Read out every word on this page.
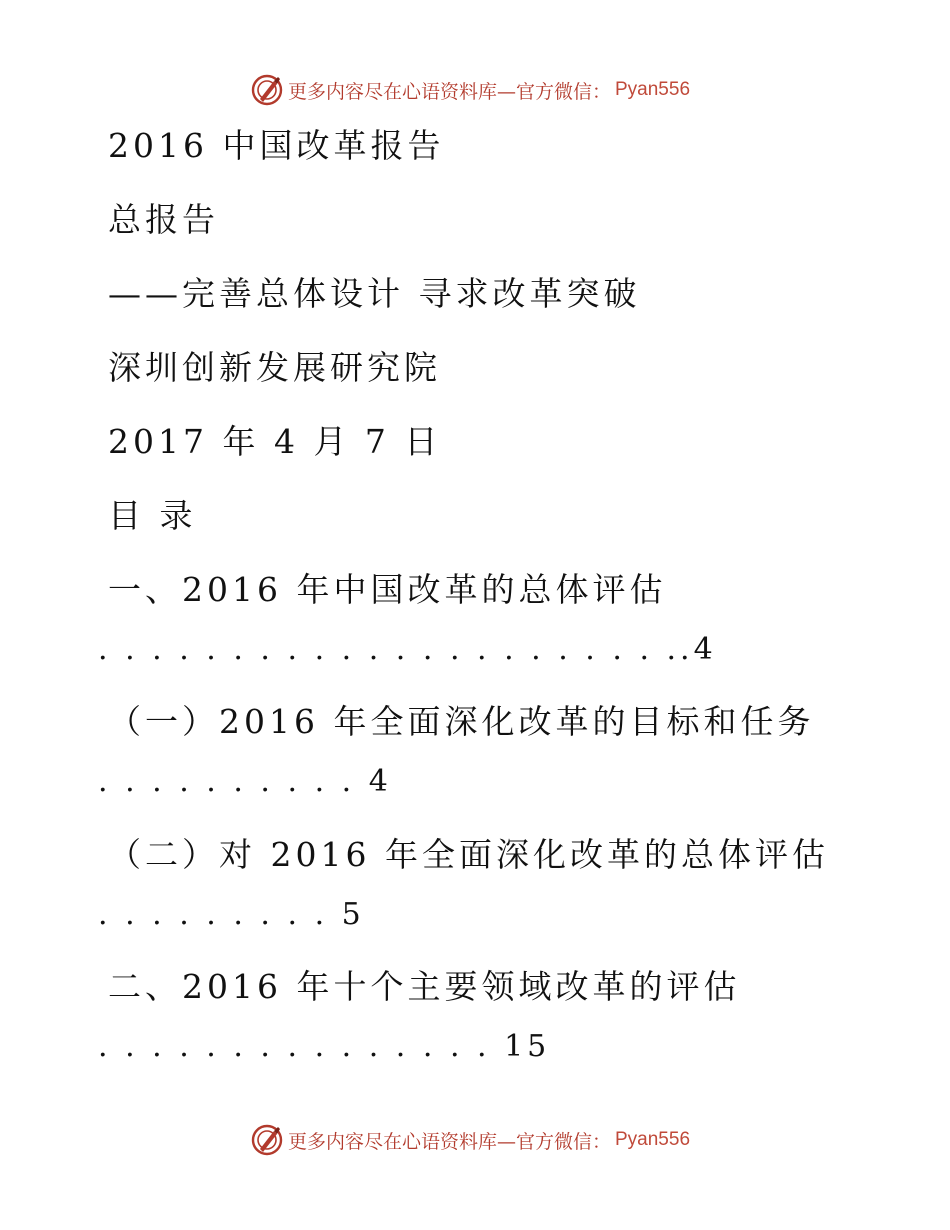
更多内容尽在心语资料库—官方微信： Pyan556
2016 中国改革报告
总报告
——完善总体设计 寻求改革突破
深圳创新发展研究院
2017 年 4 月 7 日
目 录
一、2016 年中国改革的总体评估
. . . . . . . . . . . . . . . . . . . . . ..4
（一）2016 年全面深化改革的目标和任务
. . . . . . . . . . 4
（二）对 2016 年全面深化改革的总体评估
. . . . . . . . . 5
二、2016 年十个主要领域改革的评估
. . . . . . . . . . . . . . . 15
更多内容尽在心语资料库—官方微信： Pyan556
